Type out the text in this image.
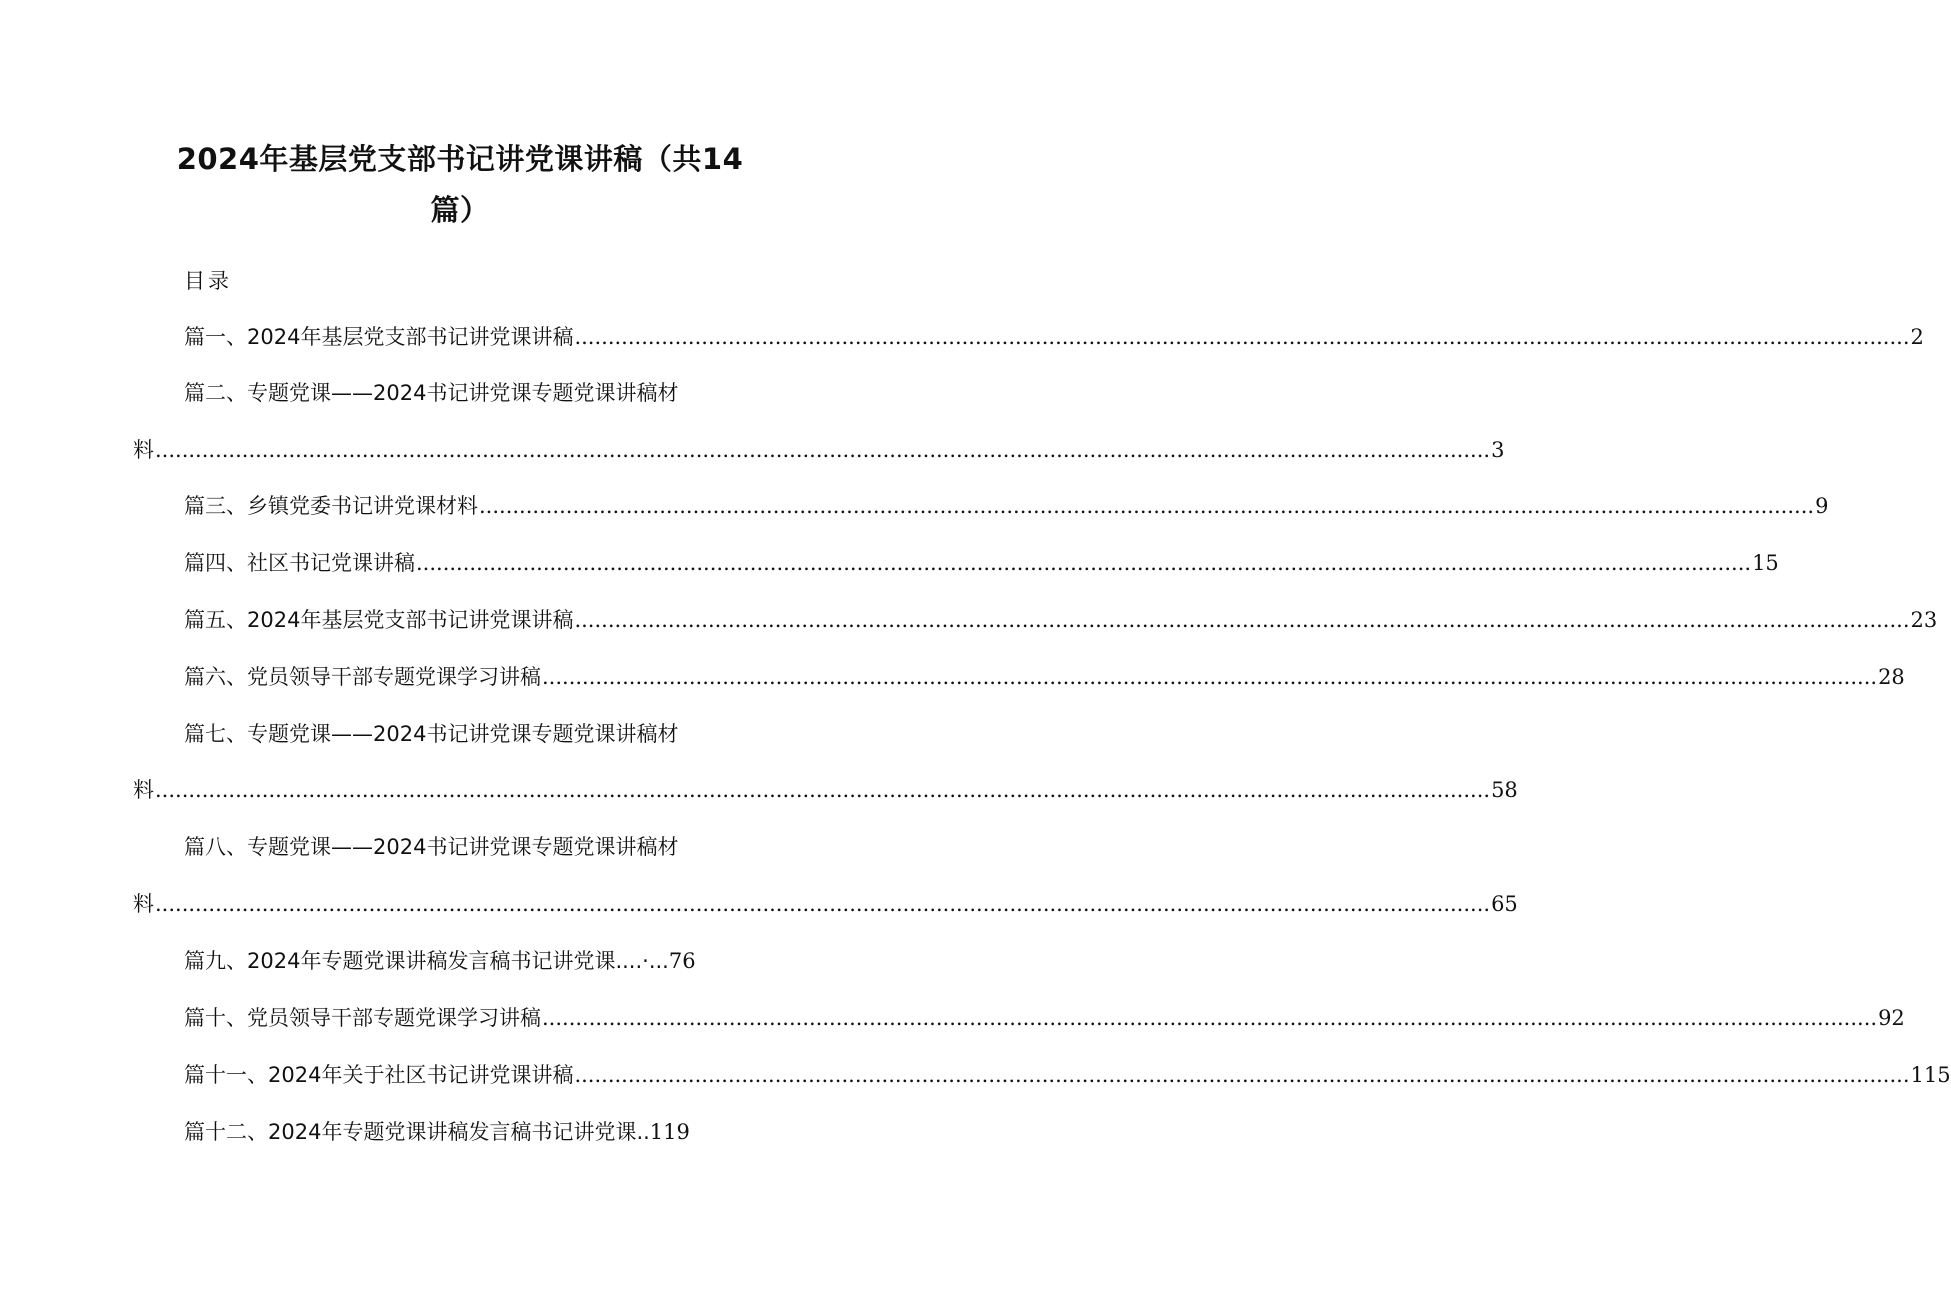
2024年基层党支部书记讲党课讲稿（共14
篇）
目录
篇一、2024年基层党支部书记讲党课讲稿 ........................................................................................................................................................................................................ 2
篇二、专题党课——2024书记讲党课专题党课讲稿材
料 ........................................................................................................................................................................................................ 3
篇三、乡镇党委书记讲党课材料 ........................................................................................................................................................................................................ 9
篇四、社区书记党课讲稿 ........................................................................................................................................................................................................ 15
篇五、2024年基层党支部书记讲党课讲稿 ........................................................................................................................................................................................................ 23
篇六、党员领导干部专题党课学习讲稿 ........................................................................................................................................................................................................ 28
篇七、专题党课——2024书记讲党课专题党课讲稿材
料 ........................................................................................................................................................................................................ 58
篇八、专题党课——2024书记讲党课专题党课讲稿材
料 ........................................................................................................................................................................................................ 65
篇九、2024年专题党课讲稿发言稿书记讲党课....·...76
篇十、党员领导干部专题党课学习讲稿 ........................................................................................................................................................................................................ 92
篇十一、2024年关于社区书记讲党课讲稿 ........................................................................................................................................................................................................ 115
篇十二、2024年专题党课讲稿发言稿书记讲党课..119
